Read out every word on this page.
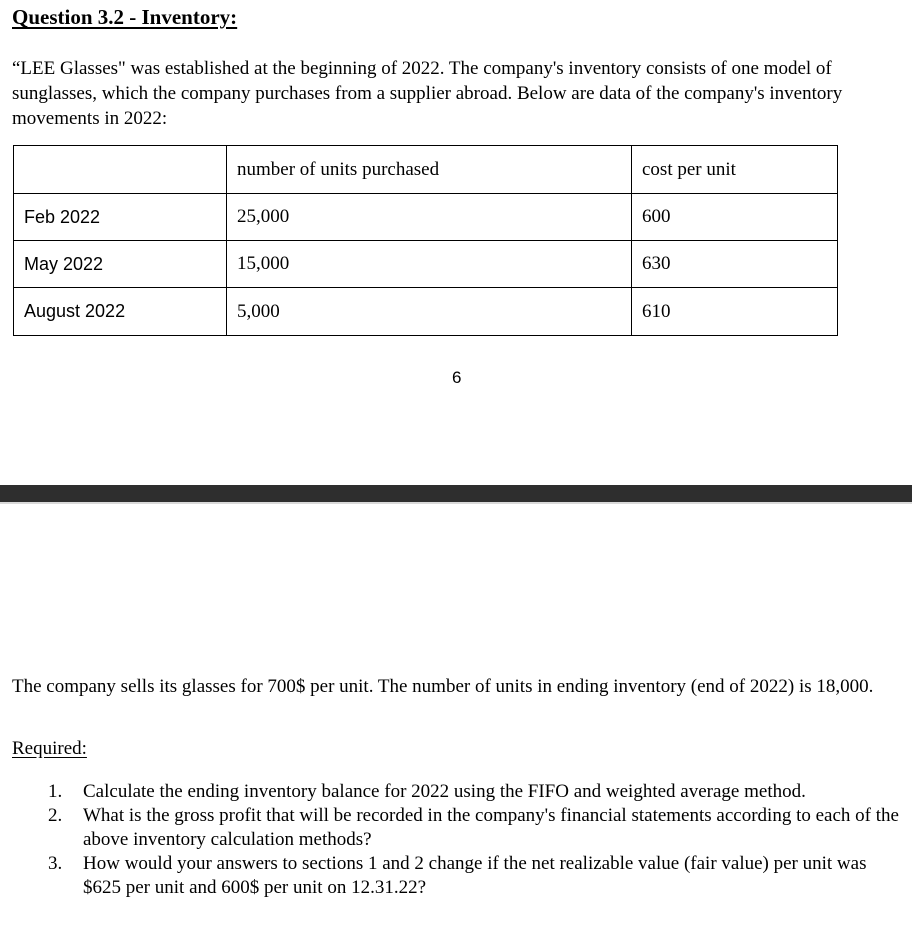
Question 3.2 - Inventory:
“LEE Glasses" was established at the beginning of 2022. The company's inventory consists of one model of sunglasses, which the company purchases from a supplier abroad. Below are data of the company's inventory movements in 2022:
	number of units purchased	cost per unit
Feb 2022	25,000	600
May 2022	15,000	630
August 2022	5,000	610
6
The company sells its glasses for 700$ per unit. The number of units in ending inventory (end of 2022) is 18,000.
Required:
1. Calculate the ending inventory balance for 2022 using the FIFO and weighted average method.
2. What is the gross profit that will be recorded in the company's financial statements according to each of the above inventory calculation methods?
3. How would your answers to sections 1 and 2 change if the net realizable value (fair value) per unit was $625 per unit and 600$ per unit on 12.31.22?
